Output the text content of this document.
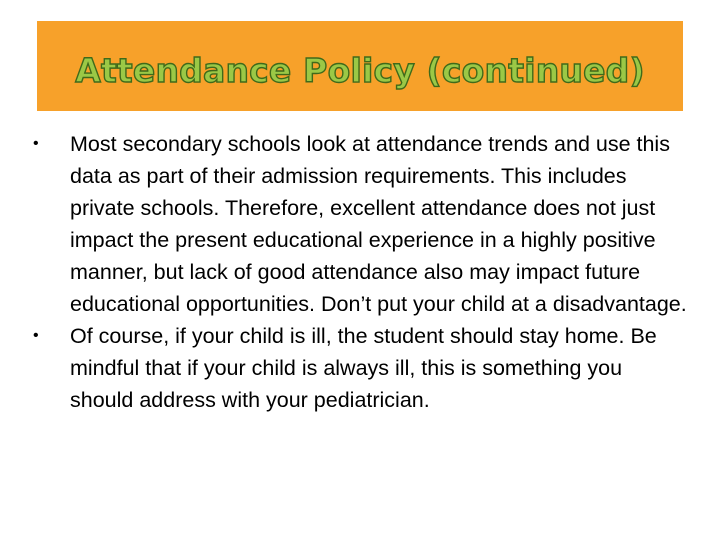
Attendance Policy (continued)

• Most secondary schools look at attendance trends and use this data as part of their admission requirements. This includes private schools. Therefore, excellent attendance does not just impact the present educational experience in a highly positive manner, but lack of good attendance also may impact future educational opportunities. Don’t put your child at a disadvantage.

• Of course, if your child is ill, the student should stay home. Be mindful that if your child is always ill, this is something you should address with your pediatrician.
